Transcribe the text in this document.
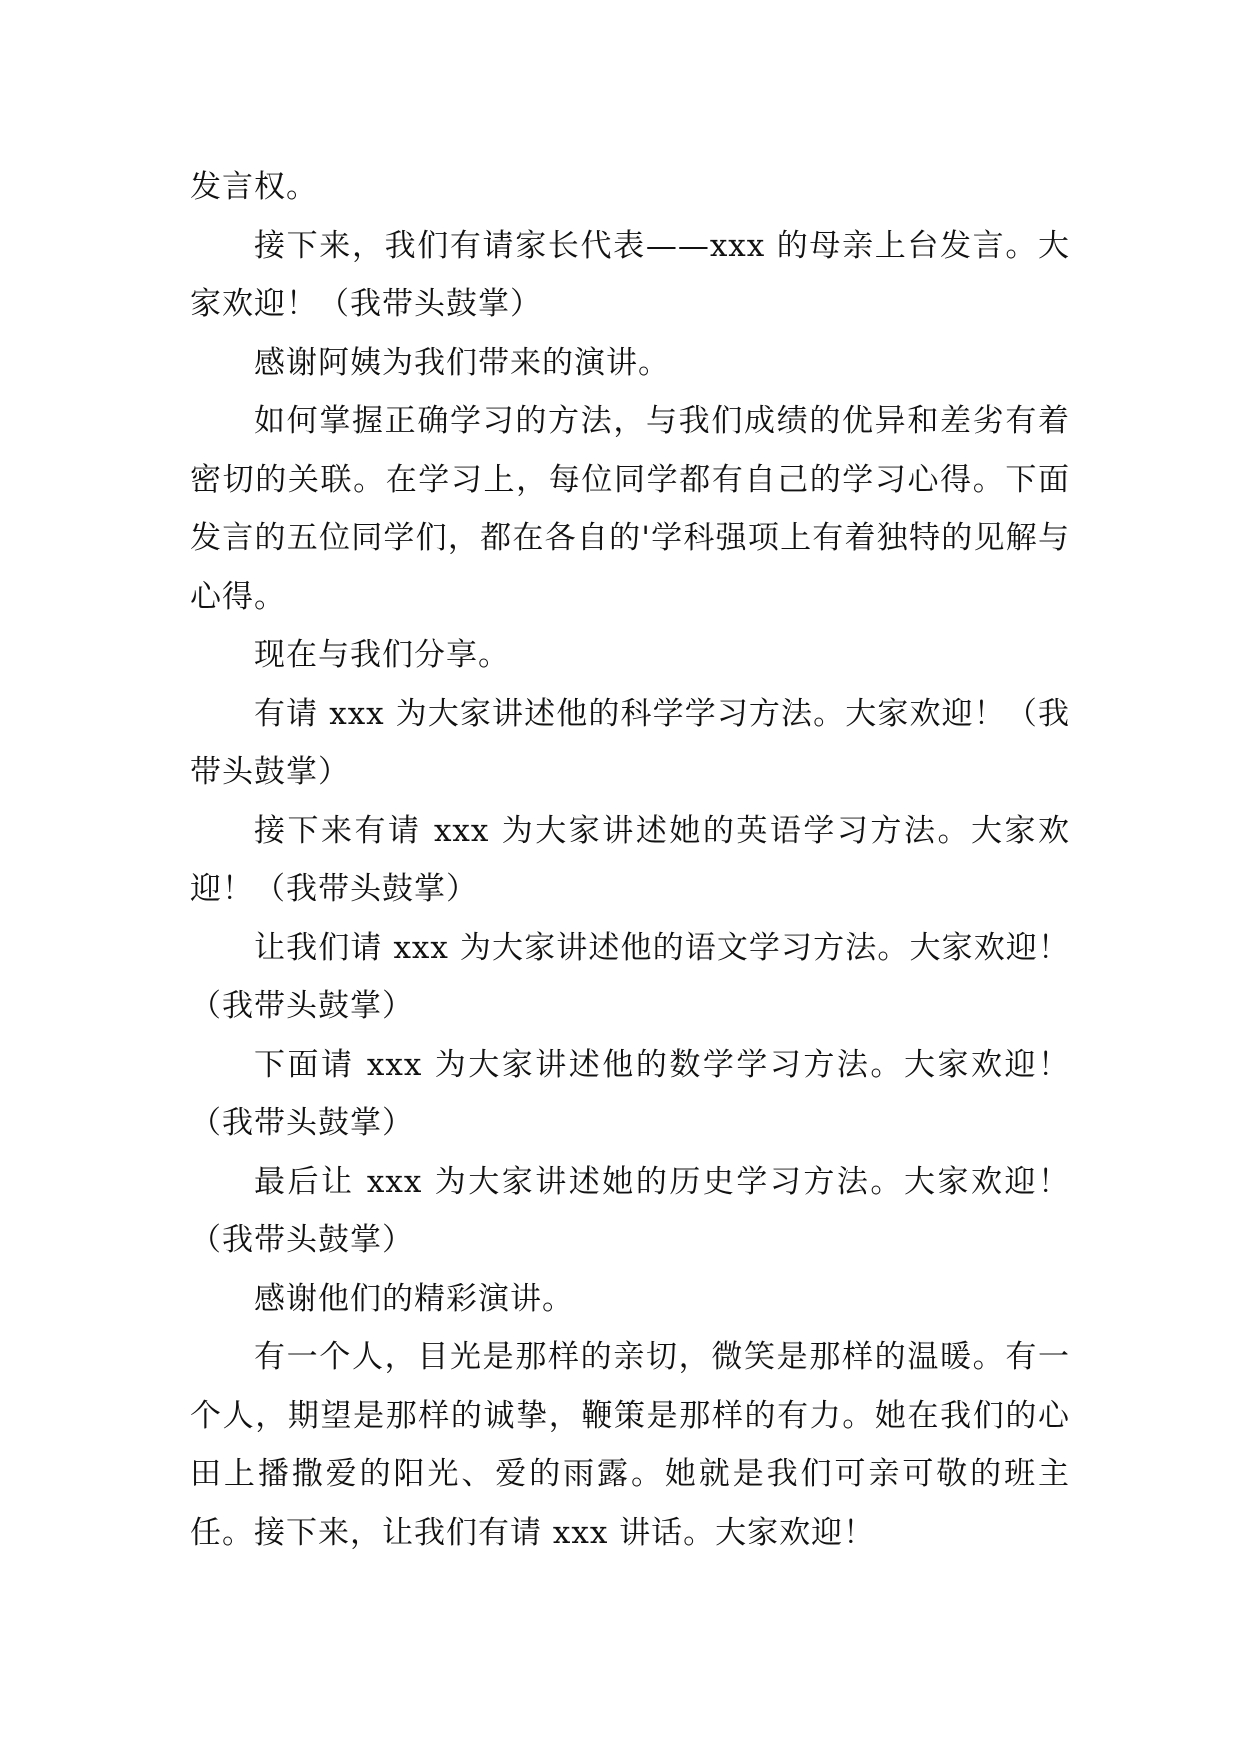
发言权。

接下来，我们有请家长代表——xxx 的母亲上台发言。大家欢迎！（我带头鼓掌）

感谢阿姨为我们带来的演讲。

如何掌握正确学习的方法，与我们成绩的优异和差劣有着密切的关联。在学习上，每位同学都有自己的学习心得。下面发言的五位同学们，都在各自的'学科强项上有着独特的见解与心得。

现在与我们分享。

有请 xxx 为大家讲述他的科学学习方法。大家欢迎！（我带头鼓掌）

接下来有请 xxx 为大家讲述她的英语学习方法。大家欢迎！（我带头鼓掌）

让我们请 xxx 为大家讲述他的语文学习方法。大家欢迎！（我带头鼓掌）

下面请 xxx 为大家讲述他的数学学习方法。大家欢迎！（我带头鼓掌）

最后让 xxx 为大家讲述她的历史学习方法。大家欢迎！（我带头鼓掌）

感谢他们的精彩演讲。

有一个人，目光是那样的亲切，微笑是那样的温暖。有一个人，期望是那样的诚挚，鞭策是那样的有力。她在我们的心田上播撒爱的阳光、爱的雨露。她就是我们可亲可敬的班主任。接下来，让我们有请 xxx 讲话。大家欢迎！
